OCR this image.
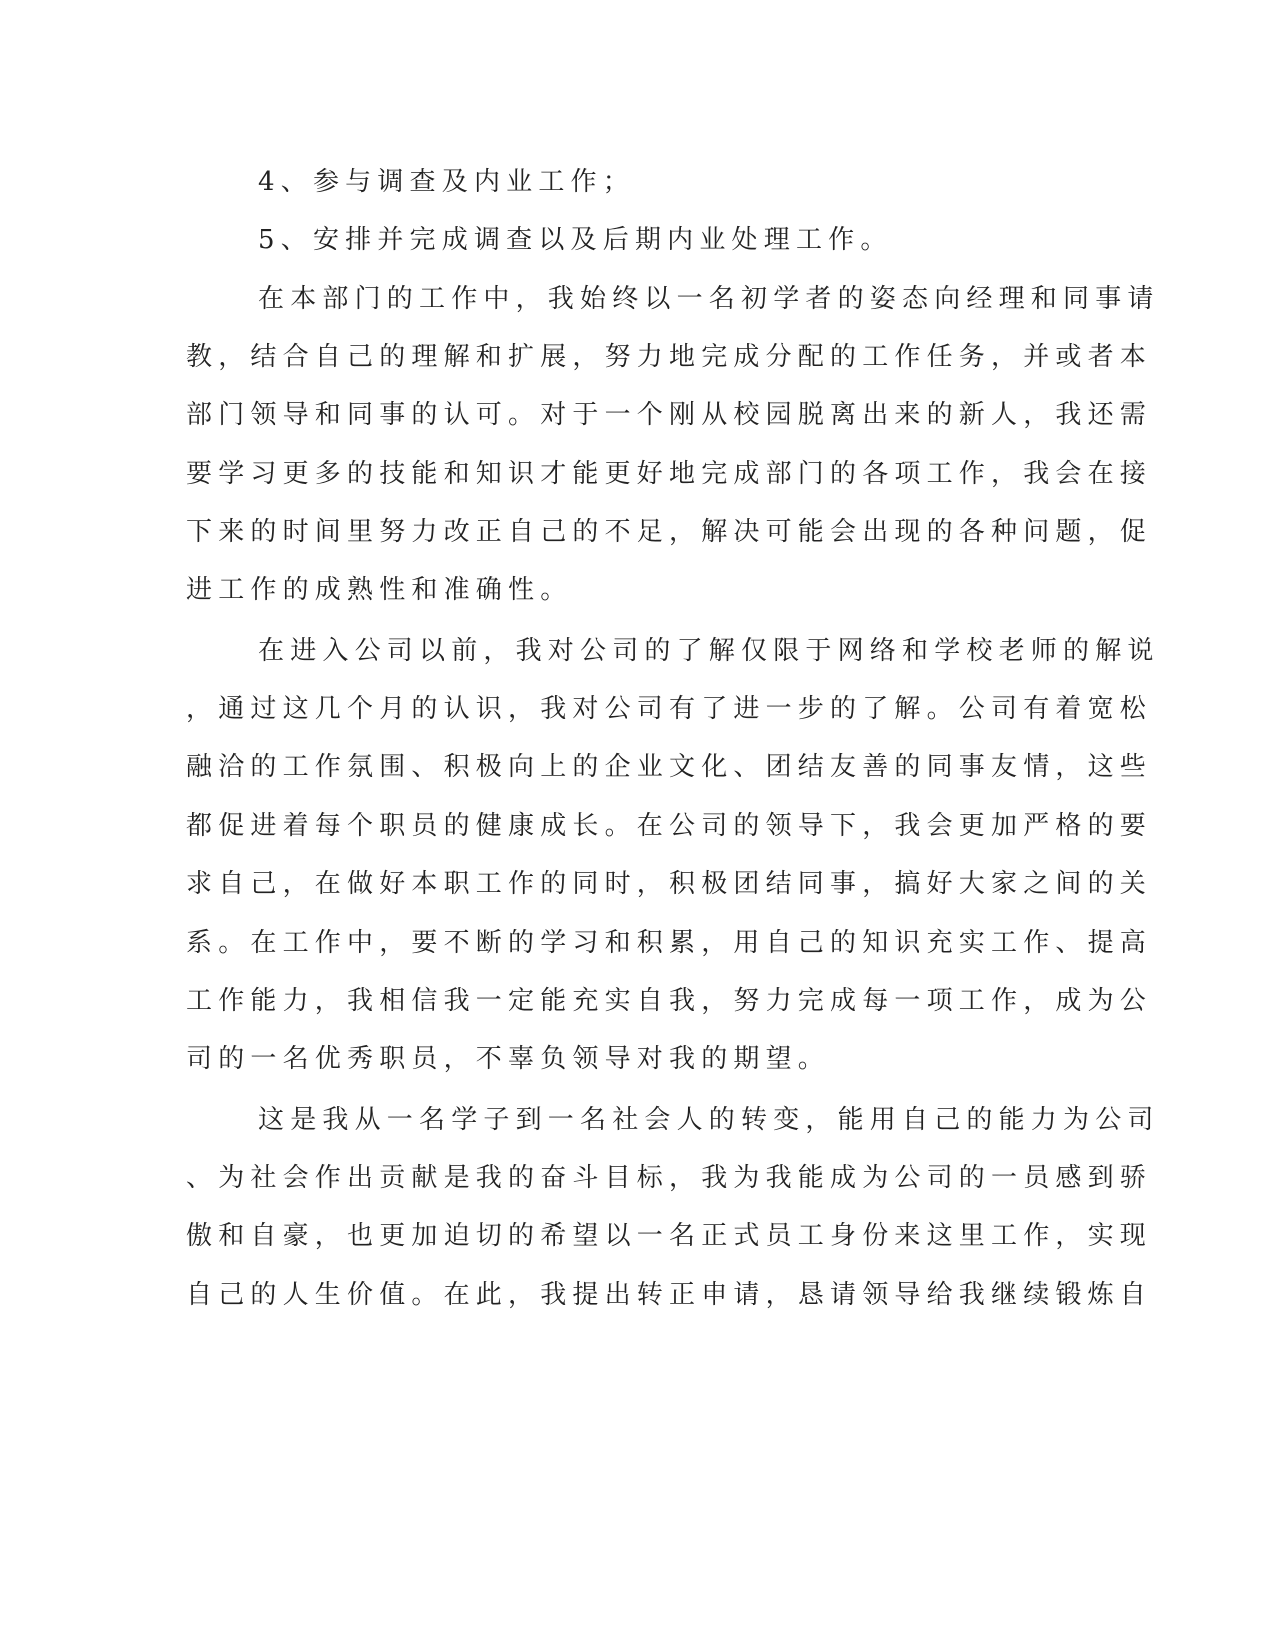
4、参与调查及内业工作；
5、安排并完成调查以及后期内业处理工作。
在本部门的工作中，我始终以一名初学者的姿态向经理和同事请
教，结合自己的理解和扩展，努力地完成分配的工作任务，并或者本
部门领导和同事的认可。对于一个刚从校园脱离出来的新人，我还需
要学习更多的技能和知识才能更好地完成部门的各项工作，我会在接
下来的时间里努力改正自己的不足，解决可能会出现的各种问题，促
进工作的成熟性和准确性。
在进入公司以前，我对公司的了解仅限于网络和学校老师的解说
，通过这几个月的认识，我对公司有了进一步的了解。公司有着宽松
融洽的工作氛围、积极向上的企业文化、团结友善的同事友情，这些
都促进着每个职员的健康成长。在公司的领导下，我会更加严格的要
求自己，在做好本职工作的同时，积极团结同事，搞好大家之间的关
系。在工作中，要不断的学习和积累，用自己的知识充实工作、提高
工作能力，我相信我一定能充实自我，努力完成每一项工作，成为公
司的一名优秀职员，不辜负领导对我的期望。
这是我从一名学子到一名社会人的转变，能用自己的能力为公司
、为社会作出贡献是我的奋斗目标，我为我能成为公司的一员感到骄
傲和自豪，也更加迫切的希望以一名正式员工身份来这里工作，实现
自己的人生价值。在此，我提出转正申请，恳请领导给我继续锻炼自
